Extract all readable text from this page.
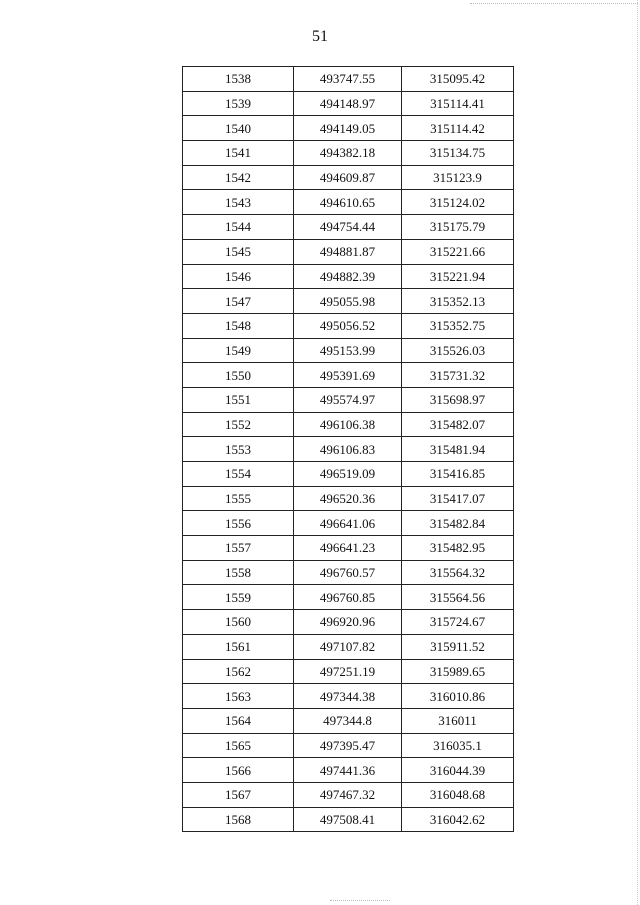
51
1538	493747.55	315095.42
1539	494148.97	315114.41
1540	494149.05	315114.42
1541	494382.18	315134.75
1542	494609.87	315123.9
1543	494610.65	315124.02
1544	494754.44	315175.79
1545	494881.87	315221.66
1546	494882.39	315221.94
1547	495055.98	315352.13
1548	495056.52	315352.75
1549	495153.99	315526.03
1550	495391.69	315731.32
1551	495574.97	315698.97
1552	496106.38	315482.07
1553	496106.83	315481.94
1554	496519.09	315416.85
1555	496520.36	315417.07
1556	496641.06	315482.84
1557	496641.23	315482.95
1558	496760.57	315564.32
1559	496760.85	315564.56
1560	496920.96	315724.67
1561	497107.82	315911.52
1562	497251.19	315989.65
1563	497344.38	316010.86
1564	497344.8	316011
1565	497395.47	316035.1
1566	497441.36	316044.39
1567	497467.32	316048.68
1568	497508.41	316042.62
